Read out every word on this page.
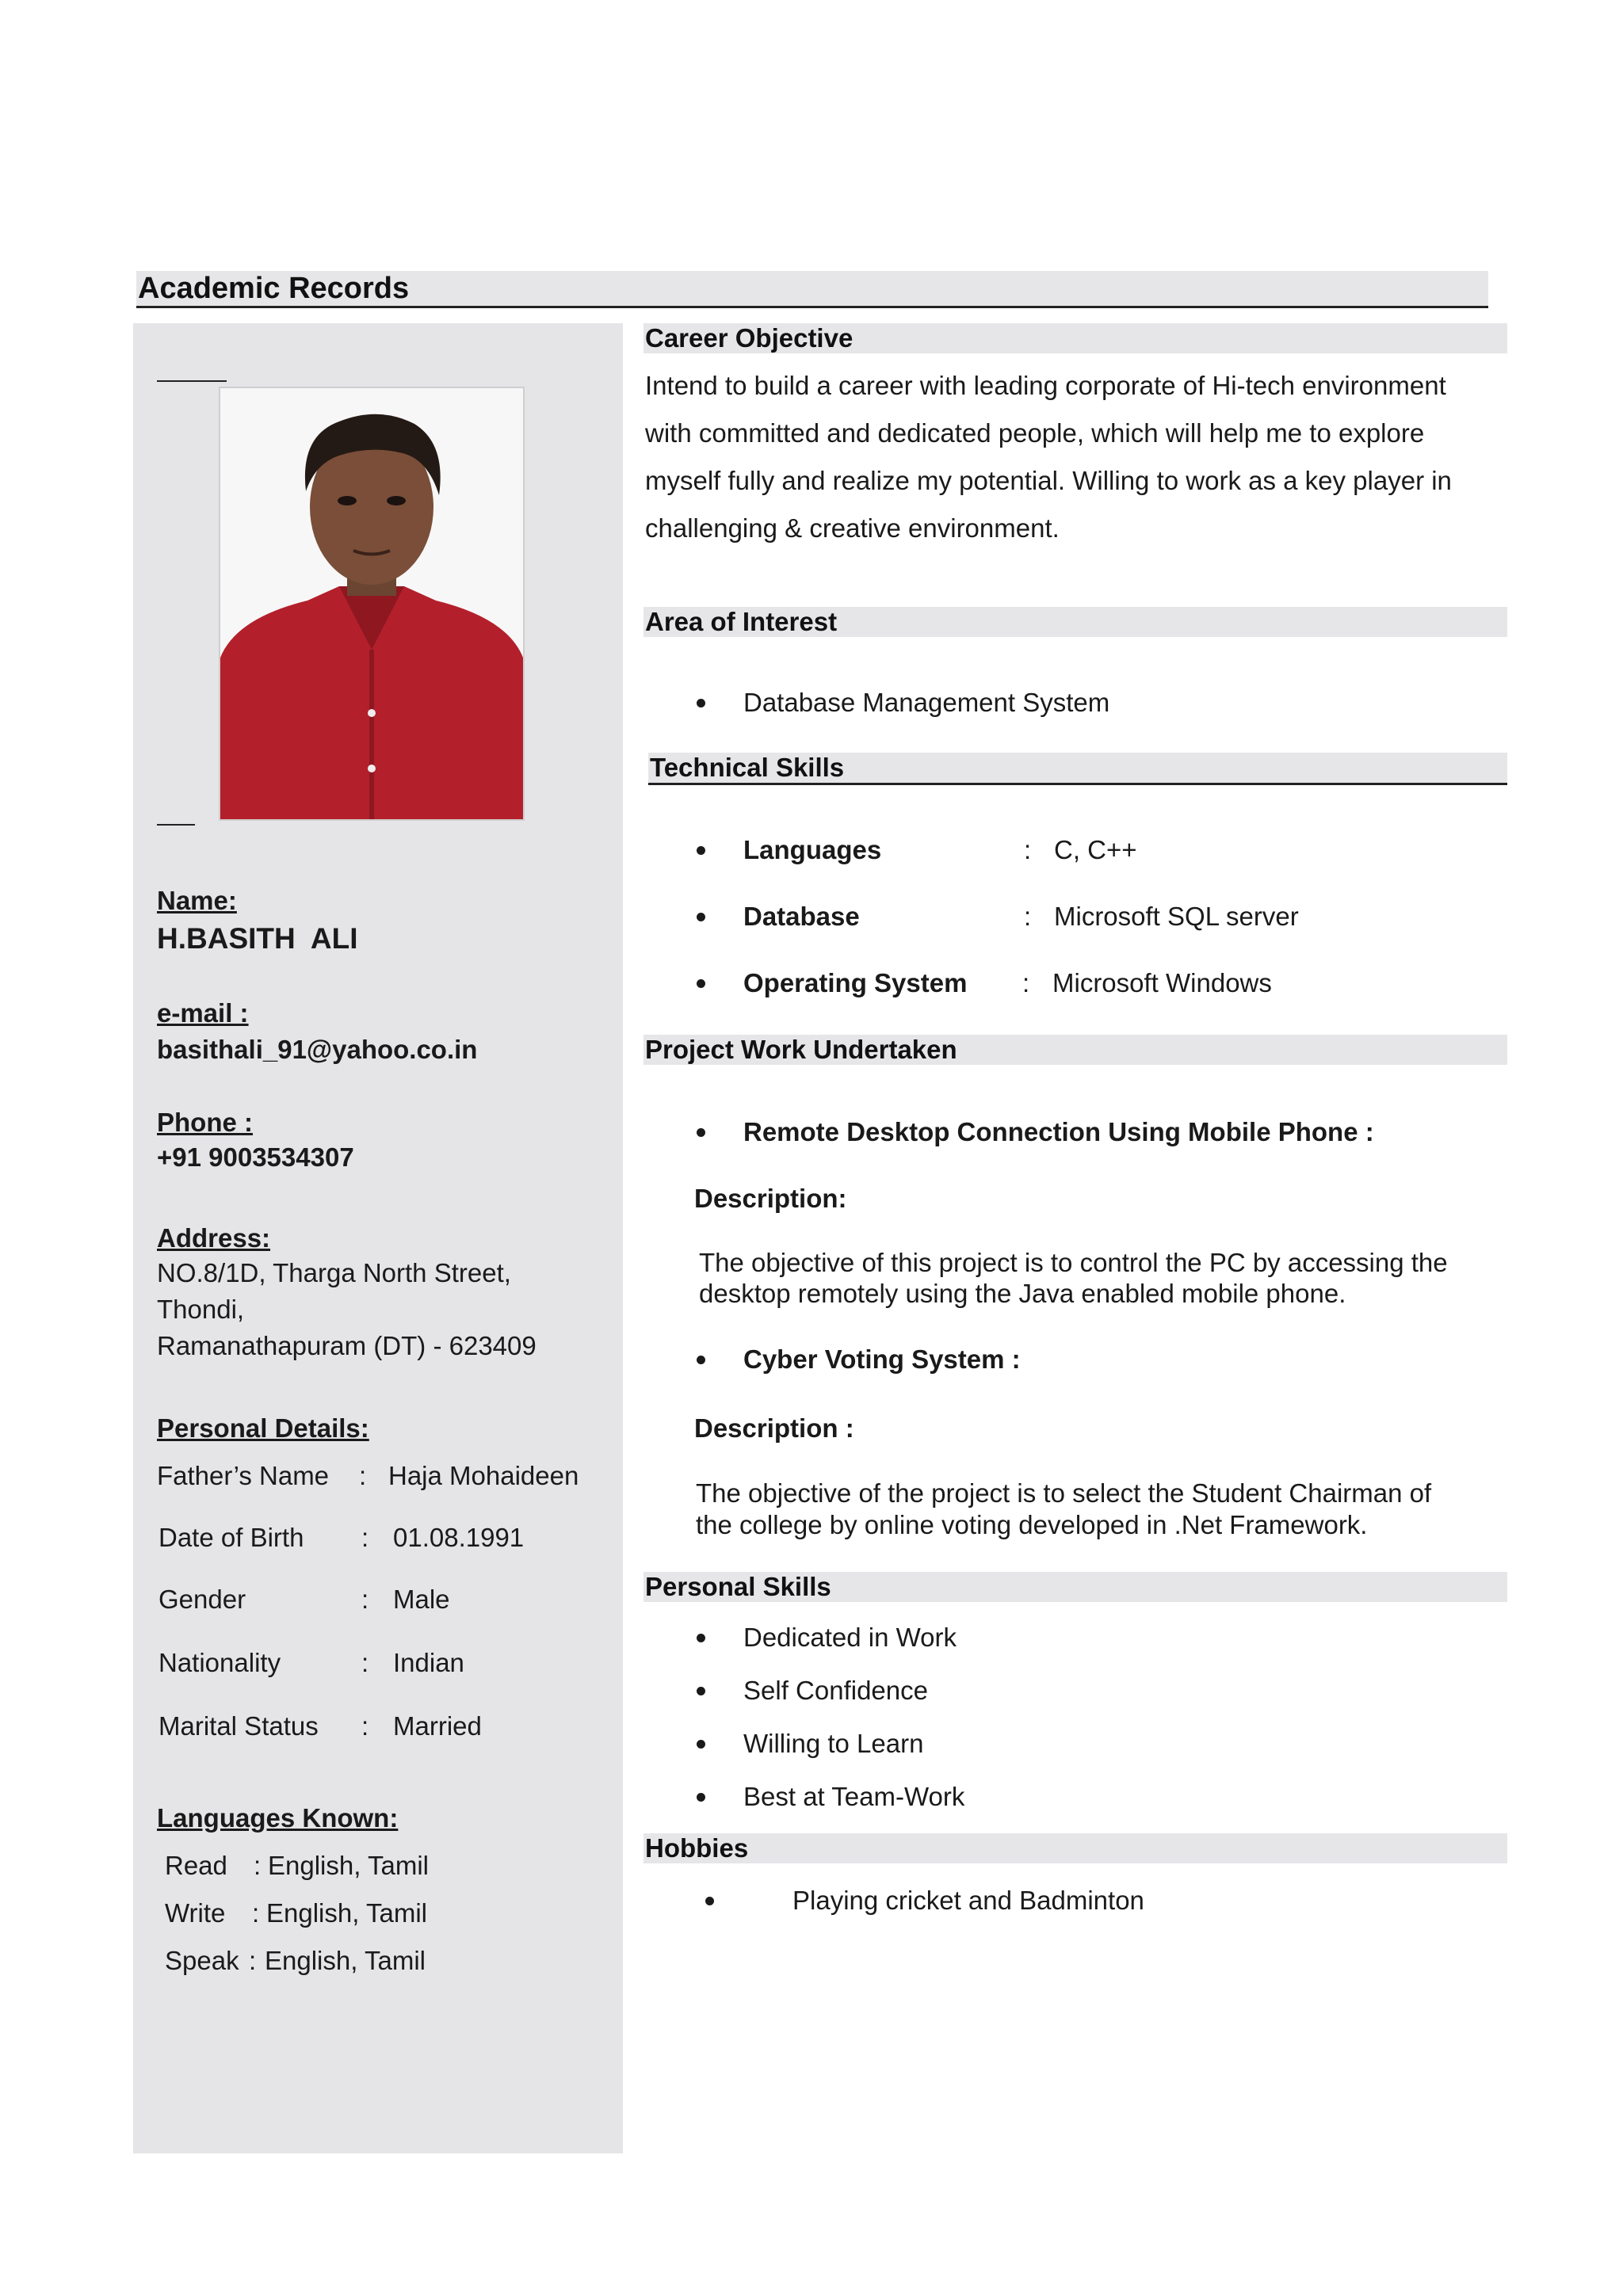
Academic Records
Name:
H.BASITH  ALI
e-mail :
basithali_91@yahoo.co.in
Phone :
+91 9003534307
Address:
NO.8/1D, Tharga North Street,
Thondi,
Ramanathapuram (DT) - 623409
Personal Details:
Father’s Name : Haja Mohaideen
Date of Birth : 01.08.1991
Gender	: Male
Nationality	: Indian
Marital Status : Married
Languages Known:
Read : English, Tamil
Write : English, Tamil
Speak : English, Tamil
Career Objective
Intend to build a career with leading corporate of Hi-tech environment
with committed and dedicated people, which will help me to explore
myself fully and realize my potential. Willing to work as a key player in
challenging & creative environment.
Area of Interest
Database Management System
Technical Skills
Languages	: C, C++
Database	: Microsoft SQL server
Operating System : Microsoft Windows
Project Work Undertaken
Remote Desktop Connection Using Mobile Phone :
Description:
The objective of this project is to control the PC by accessing the
desktop remotely using the Java enabled mobile phone.
Cyber Voting System :
Description :
The objective of the project is to select the Student Chairman of
the college by online voting developed in .Net Framework.
Personal Skills
Dedicated in Work
Self Confidence
Willing to Learn
Best at Team-Work
Hobbies
Playing cricket and Badminton
